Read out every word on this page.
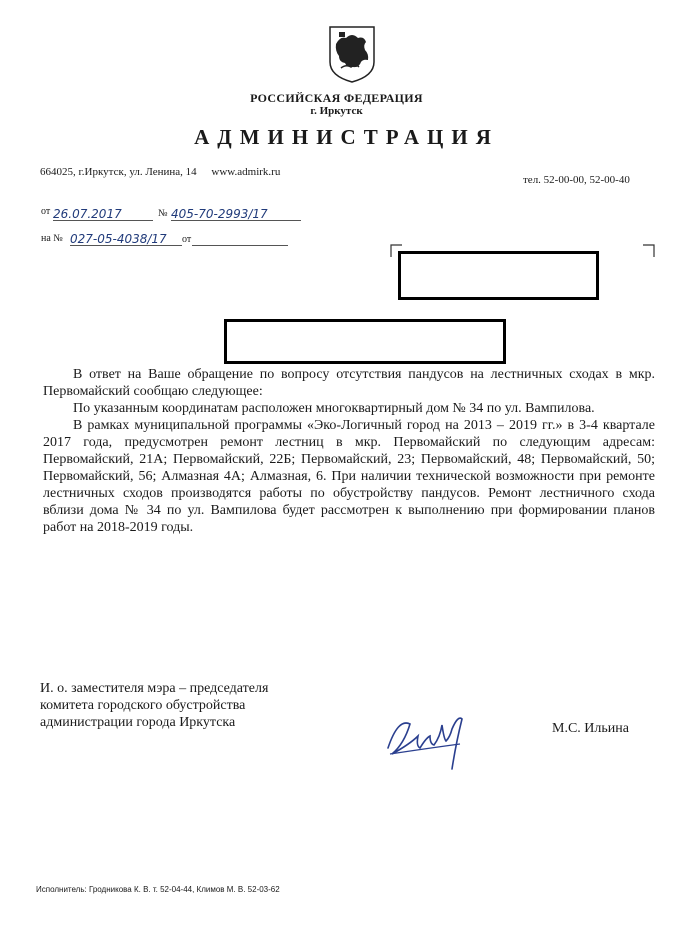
РОССИЙСКАЯ ФЕДЕРАЦИЯ
г. Иркутск
АДМИНИСТРАЦИЯ
664025, г.Иркутск, ул. Ленина, 14 www.admirk.ru
тел. 52-00-00, 52-00-40
от 26.07.2017	№ 405-70-2993/17
на № 027-05-4038/17	от

В ответ на Ваше обращение по вопросу отсутствия пандусов на лестничных сходах в мкр. Первомайский сообщаю следующее:

По указанным координатам расположен многоквартирный дом № 34 по ул. Вампилова.

В рамках муниципальной программы «Эко-Логичный город на 2013 – 2019 гг.» в 3-4 квартале 2017 года, предусмотрен ремонт лестниц в мкр. Первомайский по следующим адресам: Первомайский, 21А; Первомайский, 22Б; Первомайский, 23; Первомайский, 48; Первомайский, 50; Первомайский, 56; Алмазная 4А; Алмазная, 6. При наличии технической возможности при ремонте лестничных сходов производятся работы по обустройству пандусов. Ремонт лестничного схода вблизи дома № 34 по ул. Вампилова будет рассмотрен к выполнению при формировании планов работ на 2018-2019 годы.

И. о. заместителя мэра – председателя
комитета городского обустройства
администрации города Иркутска	М.С. Ильина
Исполнитель: Гродникова К. В. т. 52-04-44, Климов М. В. 52-03-62
